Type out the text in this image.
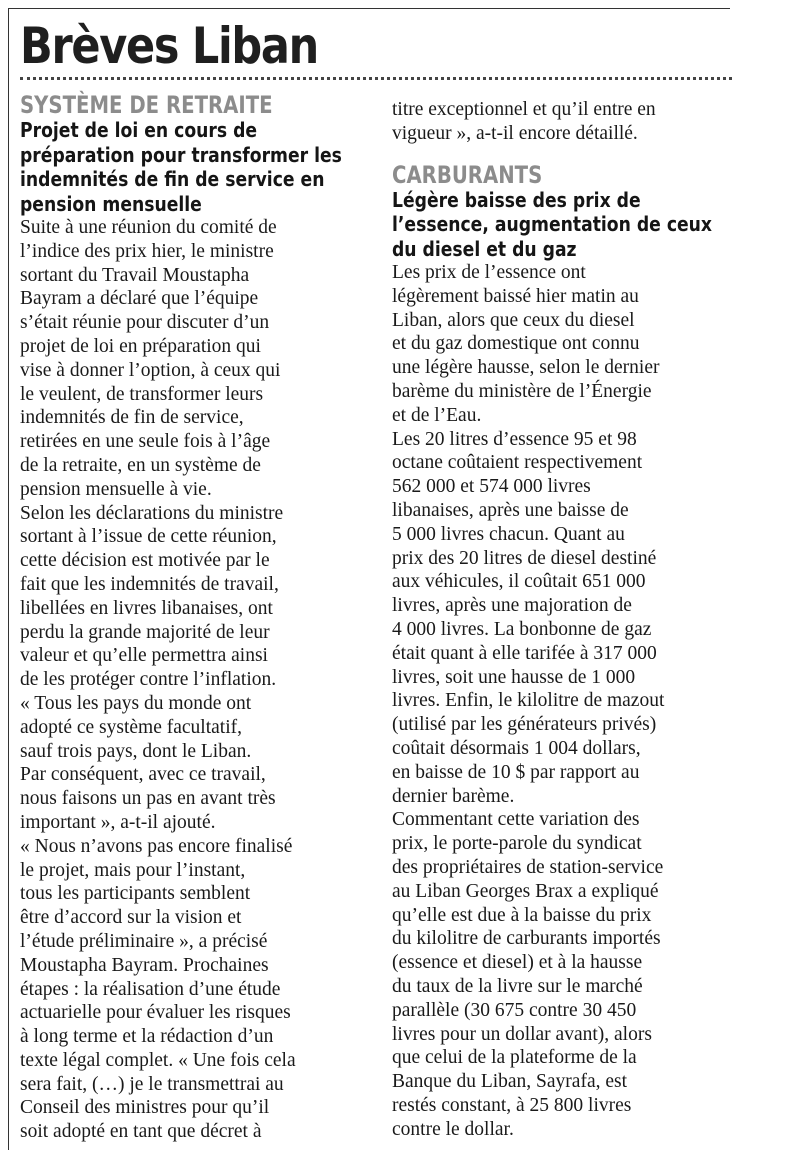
Brèves Liban
SYSTÈME DE RETRAITE
Projet de loi en cours de
préparation pour transformer les
indemnités de fin de service en
pension mensuelle
Suite à une réunion du comité de
l’indice des prix hier, le ministre
sortant du Travail Moustapha
Bayram a déclaré que l’équipe
s’était réunie pour discuter d’un
projet de loi en préparation qui
vise à donner l’option, à ceux qui
le veulent, de transformer leurs
indemnités de fin de service,
retirées en une seule fois à l’âge
de la retraite, en un système de
pension mensuelle à vie.
Selon les déclarations du ministre
sortant à l’issue de cette réunion,
cette décision est motivée par le
fait que les indemnités de travail,
libellées en livres libanaises, ont
perdu la grande majorité de leur
valeur et qu’elle permettra ainsi
de les protéger contre l’inflation.
« Tous les pays du monde ont
adopté ce système facultatif,
sauf trois pays, dont le Liban.
Par conséquent, avec ce travail,
nous faisons un pas en avant très
important », a-t-il ajouté.
« Nous n’avons pas encore finalisé
le projet, mais pour l’instant,
tous les participants semblent
être d’accord sur la vision et
l’étude préliminaire », a précisé
Moustapha Bayram. Prochaines
étapes : la réalisation d’une étude
actuarielle pour évaluer les risques
à long terme et la rédaction d’un
texte légal complet. « Une fois cela
sera fait, (…) je le transmettrai au
Conseil des ministres pour qu’il
soit adopté en tant que décret à
titre exceptionnel et qu’il entre en
vigueur », a-t-il encore détaillé.
CARBURANTS
Légère baisse des prix de
l’essence, augmentation de ceux
du diesel et du gaz
Les prix de l’essence ont
légèrement baissé hier matin au
Liban, alors que ceux du diesel
et du gaz domestique ont connu
une légère hausse, selon le dernier
barème du ministère de l’Énergie
et de l’Eau.
Les 20 litres d’essence 95 et 98
octane coûtaient respectivement
562 000 et 574 000 livres
libanaises, après une baisse de
5 000 livres chacun. Quant au
prix des 20 litres de diesel destiné
aux véhicules, il coûtait 651 000
livres, après une majoration de
4 000 livres. La bonbonne de gaz
était quant à elle tarifée à 317 000
livres, soit une hausse de 1 000
livres. Enfin, le kilolitre de mazout
(utilisé par les générateurs privés)
coûtait désormais 1 004 dollars,
en baisse de 10 $ par rapport au
dernier barème.
Commentant cette variation des
prix, le porte-parole du syndicat
des propriétaires de station-service
au Liban Georges Brax a expliqué
qu’elle est due à la baisse du prix
du kilolitre de carburants importés
(essence et diesel) et à la hausse
du taux de la livre sur le marché
parallèle (30 675 contre 30 450
livres pour un dollar avant), alors
que celui de la plateforme de la
Banque du Liban, Sayrafa, est
restés constant, à 25 800 livres
contre le dollar.
